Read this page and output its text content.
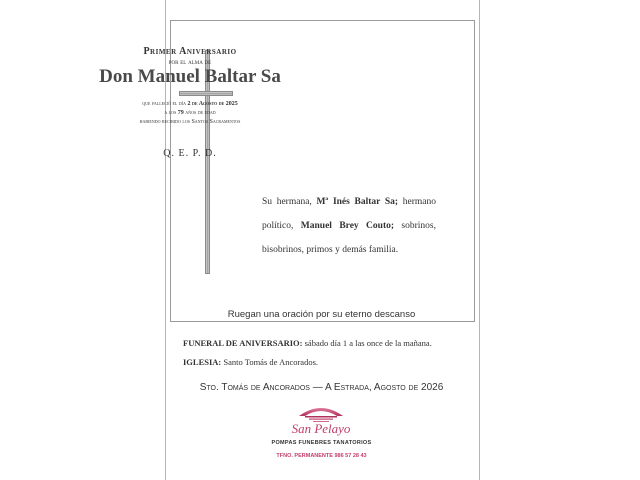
Primer Aniversario
por el alma de
Don Manuel Baltar Sa
que falleció el día 2 de Agosto de 2025
a los 79 años de edad
habiendo recibido los Santos Sacramentos
Q. E. P. D.
Su hermana, Mª Inés Baltar Sa; hermano político, Manuel Brey Couto; sobrinos, bisobrinos, primos y demás familia.
Ruegan una oración por su eterno descanso
FUNERAL DE ANIVERSARIO: sábado día 1 a las once de la mañana.
IGLESIA: Santo Tomás de Ancorados.
Sto. Tomás de Ancorados — A Estrada, Agosto de 2026
San Pelayo
POMPAS FUNEBRES TANATORIOS
TFNO. PERMANENTE 986 57 28 43
